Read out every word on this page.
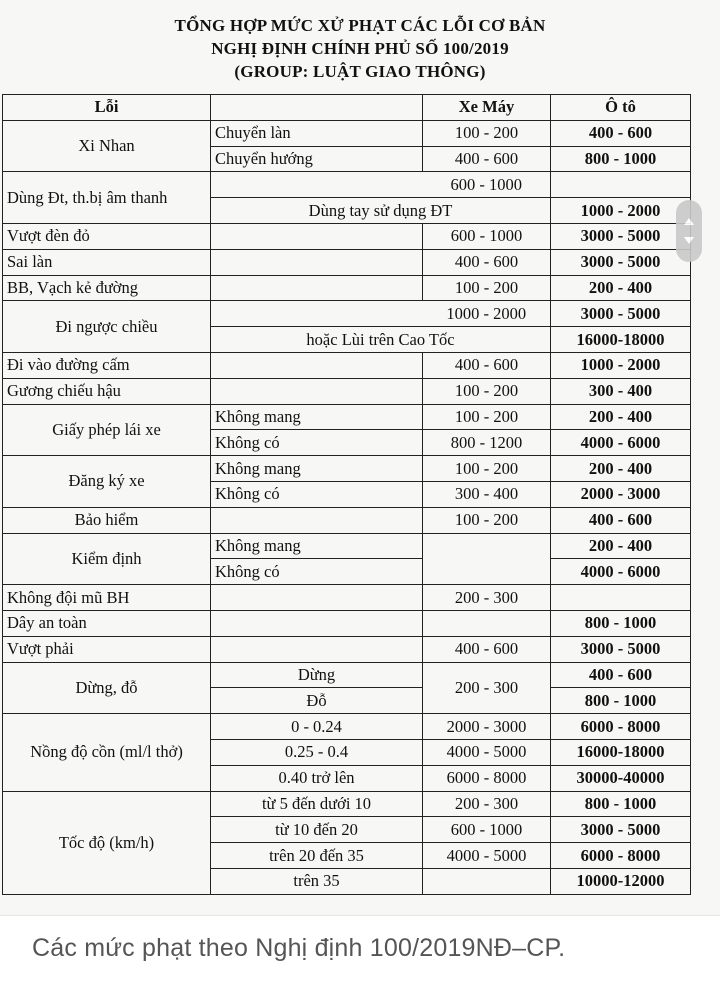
TỔNG HỢP MỨC XỬ PHẠT CÁC LỖI CƠ BẢN
NGHỊ ĐỊNH CHÍNH PHỦ SỐ 100/2019
(GROUP: LUẬT GIAO THÔNG)
Lỗi		Xe Máy	Ô tô
Xi Nhan	Chuyển làn	100 - 200	400 - 600
	Chuyển hướng	400 - 600	800 - 1000
Dùng Đt, th.bị âm thanh		600 - 1000	
	Dùng tay sử dụng ĐT		1000 - 2000
Vượt đèn đỏ		600 - 1000	3000 - 5000
Sai làn		400 - 600	3000 - 5000
BB, Vạch kẻ đường		100 - 200	200 - 400
Đi ngược chiều		1000 - 2000	3000 - 5000
	hoặc Lùi trên Cao Tốc		16000-18000
Đi vào đường cấm		400 - 600	1000 - 2000
Gương chiếu hậu		100 - 200	300 - 400
Giấy phép lái xe	Không mang	100 - 200	200 - 400
	Không có	800 - 1200	4000 - 6000
Đăng ký xe	Không mang	100 - 200	200 - 400
	Không có	300 - 400	2000 - 3000
Bảo hiểm		100 - 200	400 - 600
Kiểm định	Không mang		200 - 400
	Không có		4000 - 6000
Không đội mũ BH		200 - 300	
Dây an toàn			800 - 1000
Vượt phải		400 - 600	3000 - 5000
Dừng, đỗ	Dừng	200 - 300	400 - 600
	Đỗ		800 - 1000
Nồng độ cồn (ml/l thở)	0 - 0.24	2000 - 3000	6000 - 8000
	0.25 - 0.4	4000 - 5000	16000-18000
	0.40 trở lên	6000 - 8000	30000-40000
Tốc độ (km/h)	từ 5 đến dưới 10	200 - 300	800 - 1000
	từ 10 đến 20	600 - 1000	3000 - 5000
	trên 20 đến 35	4000 - 5000	6000 - 8000
	trên 35		10000-12000
Các mức phạt theo Nghị định 100/2019NĐ–CP.
